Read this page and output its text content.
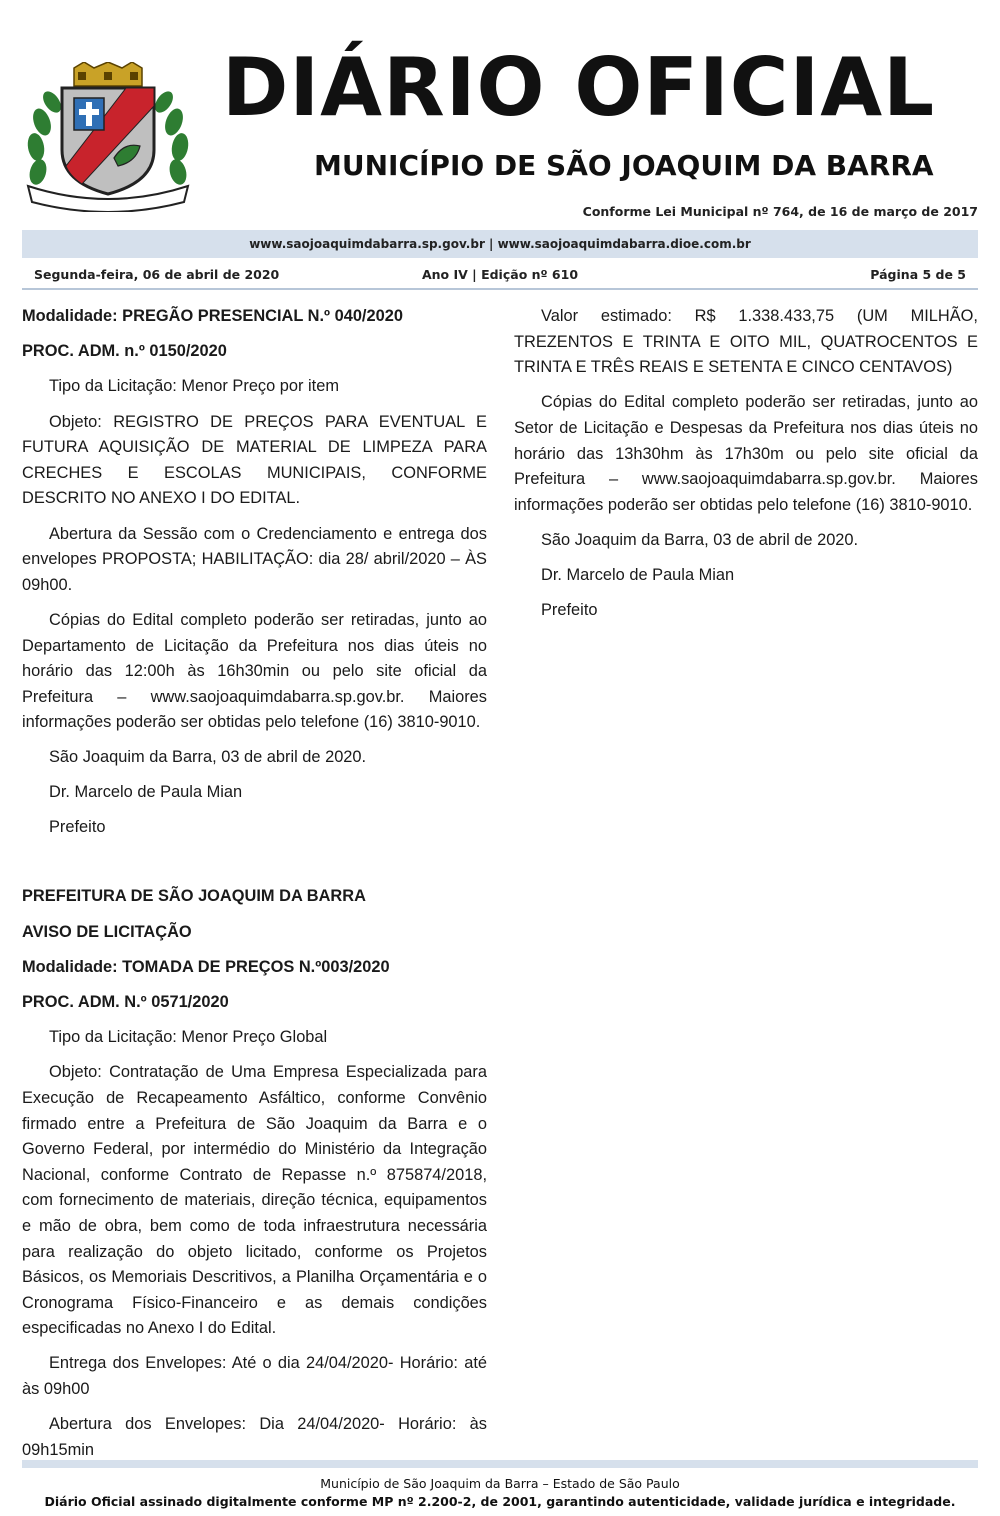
DIÁRIO OFICIAL
MUNICÍPIO DE SÃO JOAQUIM DA BARRA
Conforme Lei Municipal nº 764, de 16 de março de 2017
www.saojoaquimdabarra.sp.gov.br | www.saojoaquimdabarra.dioe.com.br
Segunda-feira, 06 de abril de 2020	Ano IV | Edição nº 610	Página 5 de 5

Modalidade: PREGÃO PRESENCIAL N.º 040/2020

PROC. ADM. n.º 0150/2020

Tipo da Licitação: Menor Preço por item

Objeto: REGISTRO DE PREÇOS PARA EVENTUAL E FUTURA AQUISIÇÃO DE MATERIAL DE LIMPEZA PARA CRECHES E ESCOLAS MUNICIPAIS, CONFORME DESCRITO NO ANEXO I DO EDITAL.

Abertura da Sessão com o Credenciamento e entrega dos envelopes PROPOSTA; HABILITAÇÃO: dia 28/ abril/2020 – ÀS 09h00.

Cópias do Edital completo poderão ser retiradas, junto ao Departamento de Licitação da Prefeitura nos dias úteis no horário das 12:00h às 16h30min ou pelo site oficial da Prefeitura – www.saojoaquimdabarra.sp.gov.br. Maiores informações poderão ser obtidas pelo telefone (16) 3810-9010.

São Joaquim da Barra, 03 de abril de 2020.

Dr. Marcelo de Paula Mian

Prefeito

PREFEITURA DE SÃO JOAQUIM DA BARRA

AVISO DE LICITAÇÃO

Modalidade: TOMADA DE PREÇOS N.º003/2020

PROC. ADM. N.º 0571/2020

Tipo da Licitação: Menor Preço Global

Objeto: Contratação de Uma Empresa Especializada para Execução de Recapeamento Asfáltico, conforme Convênio firmado entre a Prefeitura de São Joaquim da Barra e o Governo Federal, por intermédio do Ministério da Integração Nacional, conforme Contrato de Repasse n.º 875874/2018, com fornecimento de materiais, direção técnica, equipamentos e mão de obra, bem como de toda infraestrutura necessária para realização do objeto licitado, conforme os Projetos Básicos, os Memoriais Descritivos, a Planilha Orçamentária e o Cronograma Físico-Financeiro e as demais condições especificadas no Anexo I do Edital.

Entrega dos Envelopes: Até o dia 24/04/2020- Horário: até às 09h00

Abertura dos Envelopes: Dia 24/04/2020- Horário: às 09h15min

Valor estimado: R$ 1.338.433,75 (UM MILHÃO, TREZENTOS E TRINTA E OITO MIL, QUATROCENTOS E TRINTA E TRÊS REAIS E SETENTA E CINCO CENTAVOS)

Cópias do Edital completo poderão ser retiradas, junto ao Setor de Licitação e Despesas da Prefeitura nos dias úteis no horário das 13h30hm às 17h30m ou pelo site oficial da Prefeitura – www.saojoaquimdabarra.sp.gov.br. Maiores informações poderão ser obtidas pelo telefone (16) 3810-9010.

São Joaquim da Barra, 03 de abril de 2020.

Dr. Marcelo de Paula Mian

Prefeito

Município de São Joaquim da Barra – Estado de São Paulo
Diário Oficial assinado digitalmente conforme MP nº 2.200-2, de 2001, garantindo autenticidade, validade jurídica e integridade.
